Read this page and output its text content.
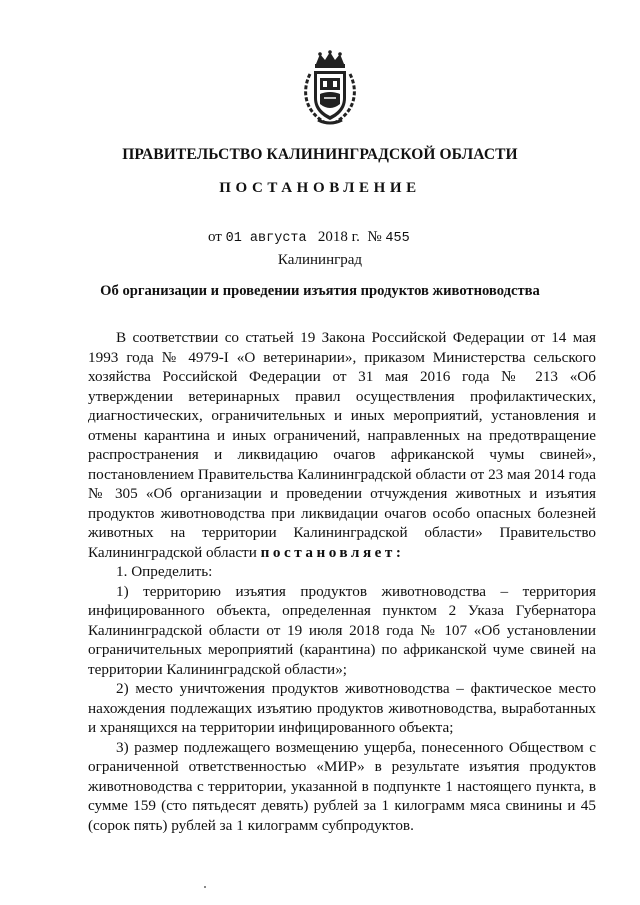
ПРАВИТЕЛЬСТВО КАЛИНИНГРАДСКОЙ ОБЛАСТИ
ПОСТАНОВЛЕНИЕ
от 01 августа 2018 г. № 455
Калининград
Об организации и проведении изъятия продуктов животноводства

В соответствии со статьей 19 Закона Российской Федерации от 14 мая 1993 года № 4979-I «О ветеринарии», приказом Министерства сельского хозяйства Российской Федерации от 31 мая 2016 года № 213 «Об утверждении ветеринарных правил осуществления профилактических, диагностических, ограничительных и иных мероприятий, установления и отмены карантина и иных ограничений, направленных на предотвращение распространения и ликвидацию очагов африканской чумы свиней», постановлением Правительства Калининградской области от 23 мая 2014 года № 305 «Об организации и проведении отчуждения животных и изъятия продуктов животноводства при ликвидации очагов особо опасных болезней животных на территории Калининградской области» Правительство Калининградской области постановляет:

1. Определить:

1) территорию изъятия продуктов животноводства – территория инфицированного объекта, определенная пунктом 2 Указа Губернатора Калининградской области от 19 июля 2018 года № 107 «Об установлении ограничительных мероприятий (карантина) по африканской чуме свиней на территории Калининградской области»;

2) место уничтожения продуктов животноводства – фактическое место нахождения подлежащих изъятию продуктов животноводства, выработанных и хранящихся на территории инфицированного объекта;

3) размер подлежащего возмещению ущерба, понесенного Обществом с ограниченной ответственностью «МИР» в результате изъятия продуктов животноводства с территории, указанной в подпункте 1 настоящего пункта, в сумме 159 (сто пятьдесят девять) рублей за 1 килограмм мяса свинины и 45 (сорок пять) рублей за 1 килограмм субпродуктов.
